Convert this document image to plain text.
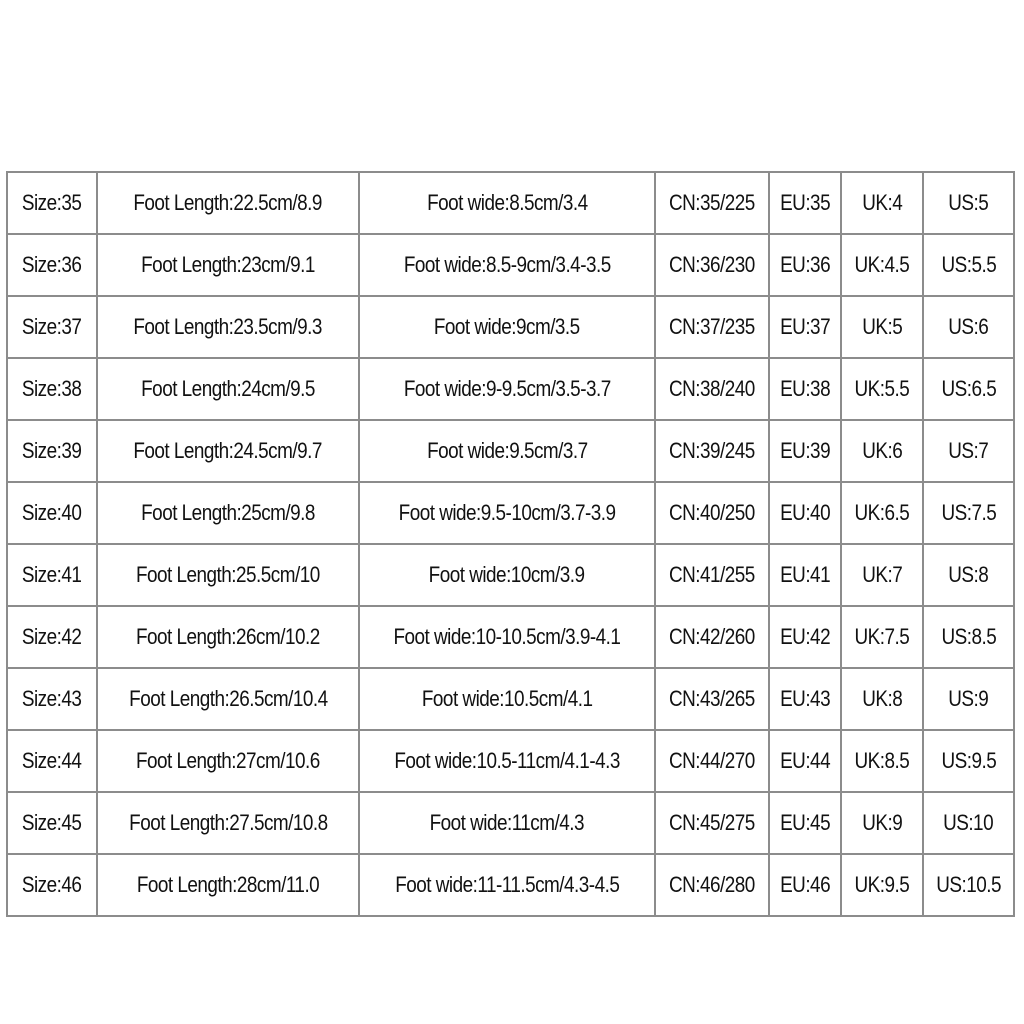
Size:35	Foot Length:22.5cm/8.9	Foot wide:8.5cm/3.4	CN:35/225	EU:35	UK:4	US:5
Size:36	Foot Length:23cm/9.1	Foot wide:8.5-9cm/3.4-3.5	CN:36/230	EU:36	UK:4.5	US:5.5
Size:37	Foot Length:23.5cm/9.3	Foot wide:9cm/3.5	CN:37/235	EU:37	UK:5	US:6
Size:38	Foot Length:24cm/9.5	Foot wide:9-9.5cm/3.5-3.7	CN:38/240	EU:38	UK:5.5	US:6.5
Size:39	Foot Length:24.5cm/9.7	Foot wide:9.5cm/3.7	CN:39/245	EU:39	UK:6	US:7
Size:40	Foot Length:25cm/9.8	Foot wide:9.5-10cm/3.7-3.9	CN:40/250	EU:40	UK:6.5	US:7.5
Size:41	Foot Length:25.5cm/10	Foot wide:10cm/3.9	CN:41/255	EU:41	UK:7	US:8
Size:42	Foot Length:26cm/10.2	Foot wide:10-10.5cm/3.9-4.1	CN:42/260	EU:42	UK:7.5	US:8.5
Size:43	Foot Length:26.5cm/10.4	Foot wide:10.5cm/4.1	CN:43/265	EU:43	UK:8	US:9
Size:44	Foot Length:27cm/10.6	Foot wide:10.5-11cm/4.1-4.3	CN:44/270	EU:44	UK:8.5	US:9.5
Size:45	Foot Length:27.5cm/10.8	Foot wide:11cm/4.3	CN:45/275	EU:45	UK:9	US:10
Size:46	Foot Length:28cm/11.0	Foot wide:11-11.5cm/4.3-4.5	CN:46/280	EU:46	UK:9.5	US:10.5
